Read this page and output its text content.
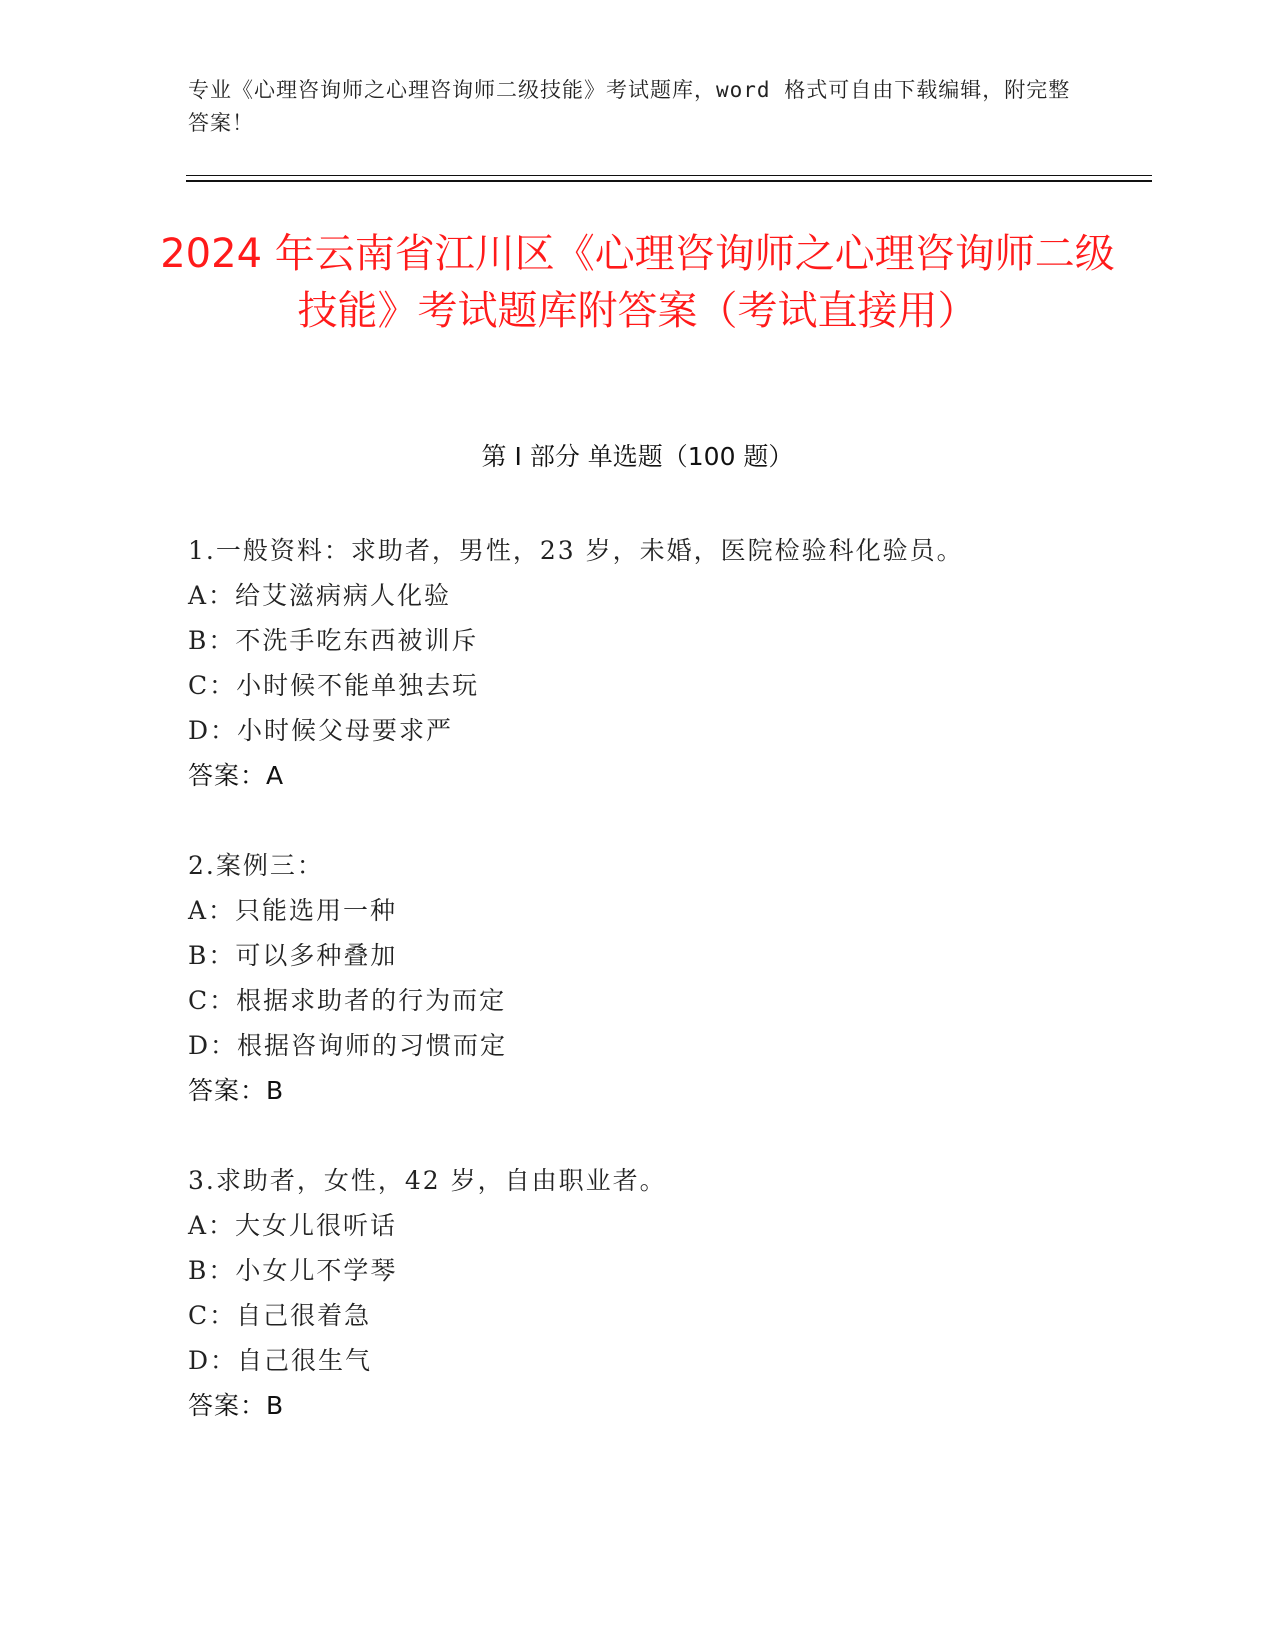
专业《心理咨询师之心理咨询师二级技能》考试题库，word 格式可自由下载编辑，附完整答案！
2024 年云南省江川区《心理咨询师之心理咨询师二级技能》考试题库附答案（考试直接用）
第 I 部分 单选题（100 题）
1.一般资料：求助者，男性，23 岁，未婚，医院检验科化验员。
A：给艾滋病病人化验
B：不洗手吃东西被训斥
C：小时候不能单独去玩
D：小时候父母要求严
答案：A
2.案例三：
A：只能选用一种
B：可以多种叠加
C：根据求助者的行为而定
D：根据咨询师的习惯而定
答案：B
3.求助者，女性，42 岁，自由职业者。
A：大女儿很听话
B：小女儿不学琴
C：自己很着急
D：自己很生气
答案：B
